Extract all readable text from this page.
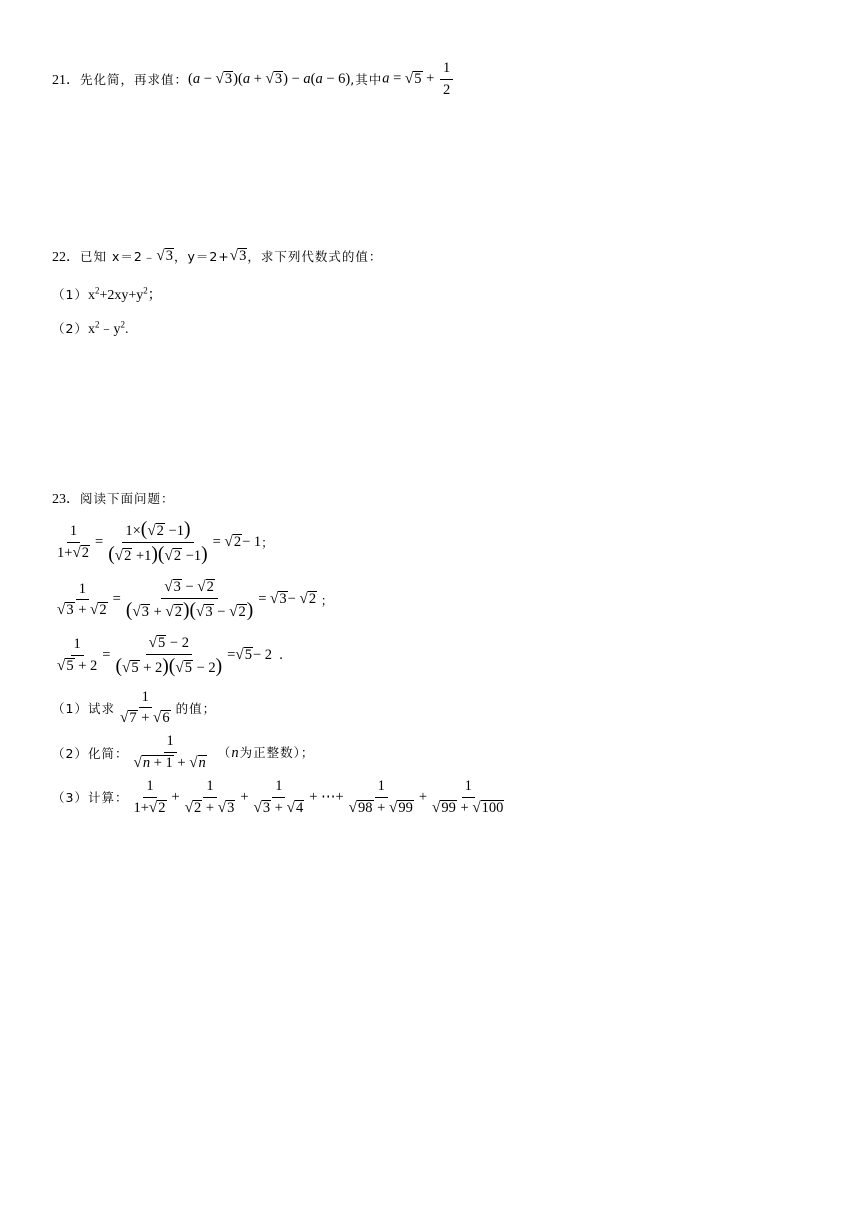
21． 先化简，再求值： (a − √ 3 )(a + √ 3 ) − a(a − 6) ,其中 a = √ $5 + \frac{1}{2}$
22． 已知 x＝2﹣ √ 3 ，y＝2+ √ 3 ，求下列代数式的值：
（1） $x^2+2xy+y^2$；
（2） $x^2﹣y^2$.
23． 阅读下面问题：
$\frac{1}{1+ √ 2} = \frac{1\times( √ 2 -1)}{( √ 2 +1)( √ 2 -1)}$ = √ 2 − 1 ；
$\frac{1}{√ 3 + √ 2} = \frac{√ 3 - √ 2}{( √ 3 + √ 2 )( √ 3 - √ 2 )}$ = √ 3 − √ 2
；
$\frac{1}{√ 5 + 2} = \frac{√ 5 - 2}{( √ 5 + 2)( √ 5 - 2)}$ = √ 5 − 2  .
（1）试求 $\frac{1}{√ 7 + √ 6}$ 的值；
（2）化简： $\frac{1}{√ n + 1 + √ n} (n$为正整数）；
（3）计算： $\frac{1}{1+ √ 2} + \frac{1}{√ 2 + √ 3} + \frac{1}{√ 3 + √ 4}$ + ⋯+ $\frac{1}{√ 98 + √ 99} + \frac{1}{√ 99 + √ 100}$
